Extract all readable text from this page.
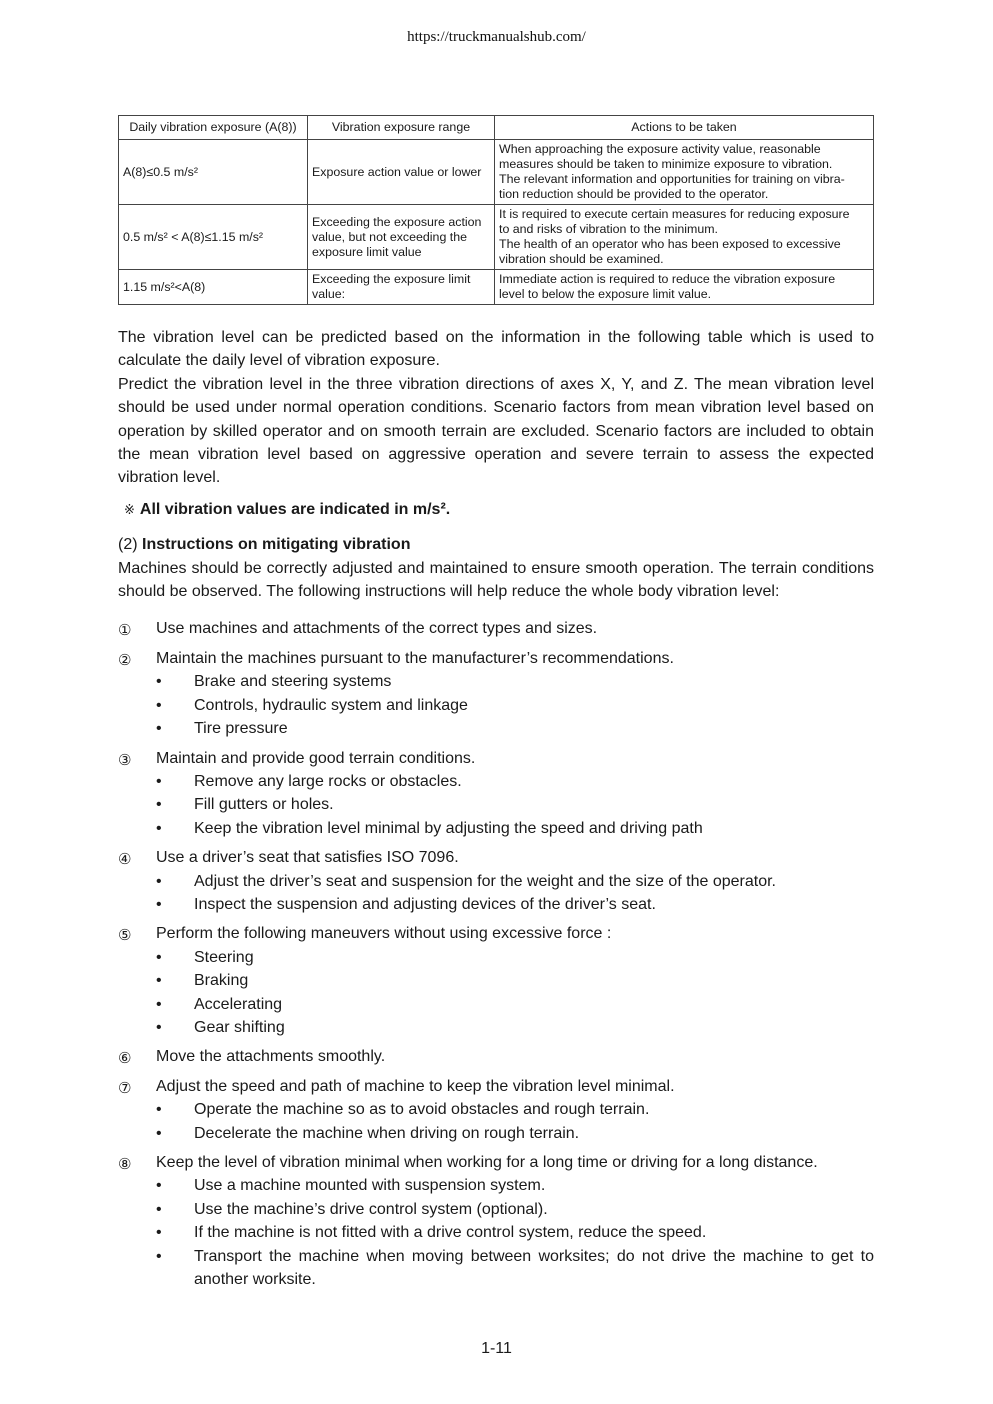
https://truckmanualshub.com/
Daily vibration exposure (A(8))	Vibration exposure range	Actions to be taken
A(8)≤0.5 m/s²	Exposure action value or lower	When approaching the exposure activity value, reasonable
measures should be taken to minimize exposure to vibration.
The relevant information and opportunities for training on vibra-
tion reduction should be provided to the operator.

0.5 m/s² < A(8)≤1.15 m/s²	Exceeding the exposure action value, but not exceeding the exposure limit value	It is required to execute certain measures for reducing exposure
to and risks of vibration to the minimum.
The health of an operator who has been exposed to excessive
vibration should be examined.

1.15 m/s²<A(8)	Exceeding the exposure limit value:	Immediate action is required to reduce the vibration exposure
level to below the exposure limit value.

The vibration level can be predicted based on the information in the following table which is used to calculate the daily level of vibration exposure.

Predict the vibration level in the three vibration directions of axes X, Y, and Z. The mean vibration level should be used under normal operation conditions. Scenario factors from mean vibration level based on operation by skilled operator and on smooth terrain are excluded. Scenario factors are included to obtain the mean vibration level based on aggressive operation and severe terrain to assess the expected vibration level.

※ All vibration values are indicated in m/s².
(2) Instructions on mitigating vibration

Machines should be correctly adjusted and maintained to ensure smooth operation. The terrain conditions should be observed. The following instructions will help reduce the whole body vibration level:

① Use machines and attachments of the correct types and sizes.
② Maintain the machines pursuant to the manufacturer’s recommendations.
• Brake and steering systems
• Controls, hydraulic system and linkage
• Tire pressure
③ Maintain and provide good terrain conditions.
• Remove any large rocks or obstacles.
• Fill gutters or holes.
• Keep the vibration level minimal by adjusting the speed and driving path
④ Use a driver’s seat that satisfies ISO 7096.
• Adjust the driver’s seat and suspension for the weight and the size of the operator.
• Inspect the suspension and adjusting devices of the driver’s seat.
⑤ Perform the following maneuvers without using excessive force :
• Steering
• Braking
• Accelerating
• Gear shifting
⑥ Move the attachments smoothly.
⑦ Adjust the speed and path of machine to keep the vibration level minimal.
• Operate the machine so as to avoid obstacles and rough terrain.
• Decelerate the machine when driving on rough terrain.
⑧ Keep the level of vibration minimal when working for a long time or driving for a long distance.
• Use a machine mounted with suspension system.
• Use the machine’s drive control system (optional).
• If the machine is not fitted with a drive control system, reduce the speed.
• Transport the machine when moving between worksites; do not drive the machine to get to another worksite.
1-11
